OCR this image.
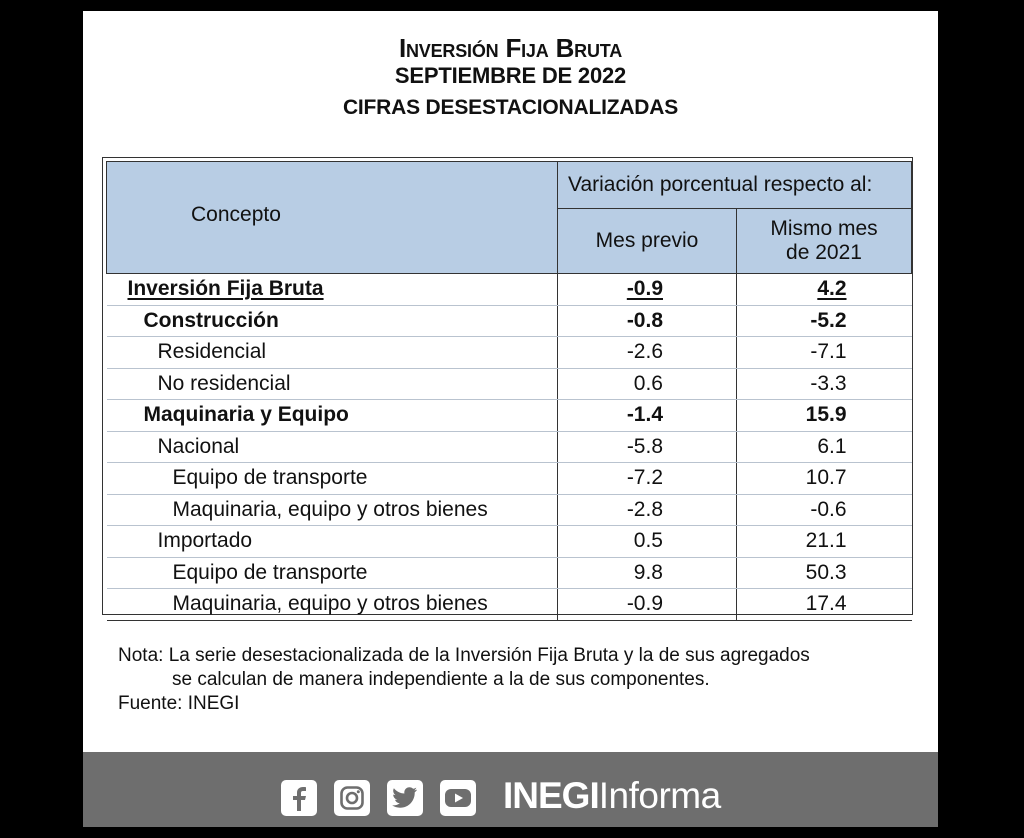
Inversión Fija Bruta
SEPTIEMBRE DE 2022
CIFRAS DESESTACIONALIZADAS
Concepto	Variación porcentual respecto al:	
	Mes previo	Mismo mes
de 2021
Inversión Fija Bruta	-0.9	4.2
Construcción	-0.8	-5.2
Residencial	-2.6	-7.1
No residencial	0.6	-3.3
Maquinaria y Equipo	-1.4	15.9
Nacional	-5.8	6.1
Equipo de transporte	-7.2	10.7
Maquinaria, equipo y otros bienes	-2.8	-0.6
Importado	0.5	21.1
Equipo de transporte	9.8	50.3
Maquinaria, equipo y otros bienes	-0.9	17.4
Nota: La serie desestacionalizada de la Inversión Fija Bruta y la de sus agregados
se calculan de manera independiente a la de sus componentes.
Fuente: INEGI
INEGIInforma
